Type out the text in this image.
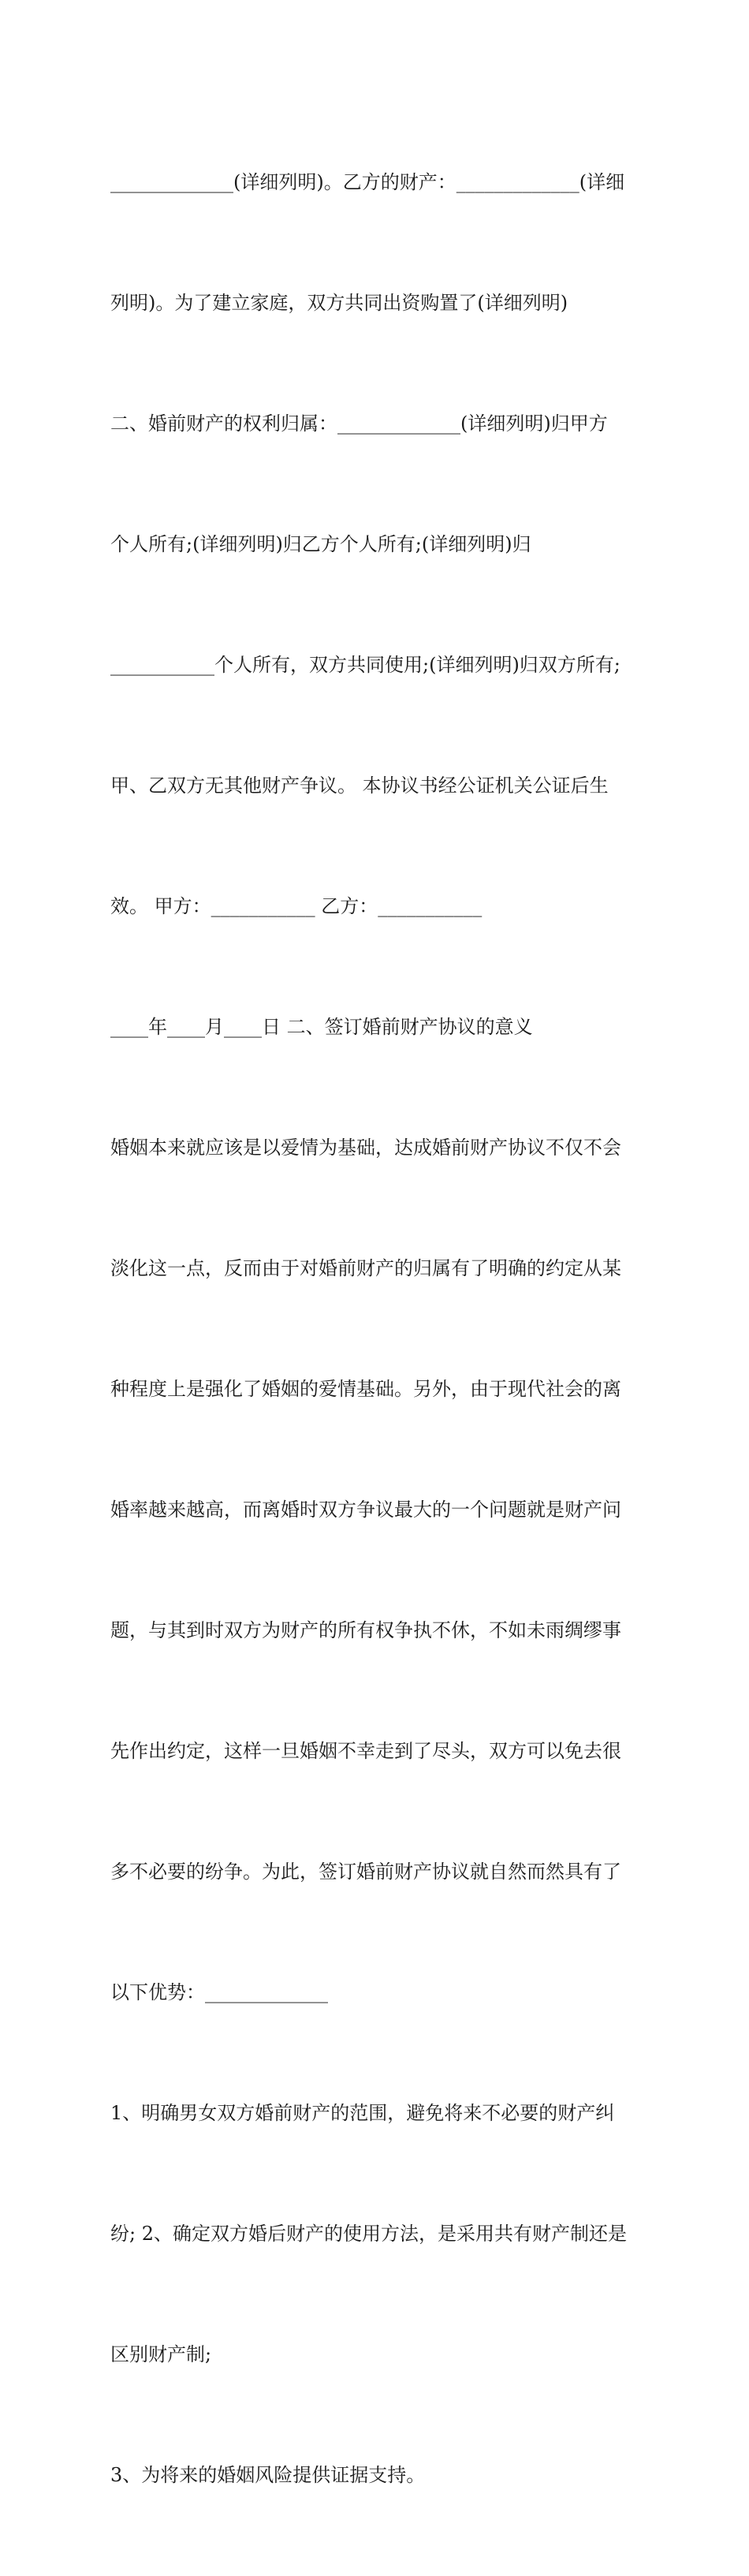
_____________(详细列明)。乙方的财产：_____________(详细

列明)。为了建立家庭，双方共同出资购置了(详细列明)

二、婚前财产的权利归属：_____________(详细列明)归甲方

个人所有;(详细列明)归乙方个人所有;(详细列明)归

___________个人所有，双方共同使用;(详细列明)归双方所有;

甲、乙双方无其他财产争议。 本协议书经公证机关公证后生

效。 甲方：___________ 乙方：___________

____年____月____日 二、签订婚前财产协议的意义

婚姻本来就应该是以爱情为基础，达成婚前财产协议不仅不会

淡化这一点，反而由于对婚前财产的归属有了明确的约定从某

种程度上是强化了婚姻的爱情基础。另外，由于现代社会的离

婚率越来越高，而离婚时双方争议最大的一个问题就是财产问

题，与其到时双方为财产的所有权争执不休，不如未雨绸缪事

先作出约定，这样一旦婚姻不幸走到了尽头，双方可以免去很

多不必要的纷争。为此，签订婚前财产协议就自然而然具有了

以下优势：_____________

1、明确男女双方婚前财产的范围，避免将来不必要的财产纠

纷; 2、确定双方婚后财产的使用方法，是采用共有财产制还是

区别财产制;

3、为将来的婚姻风险提供证据支持。
